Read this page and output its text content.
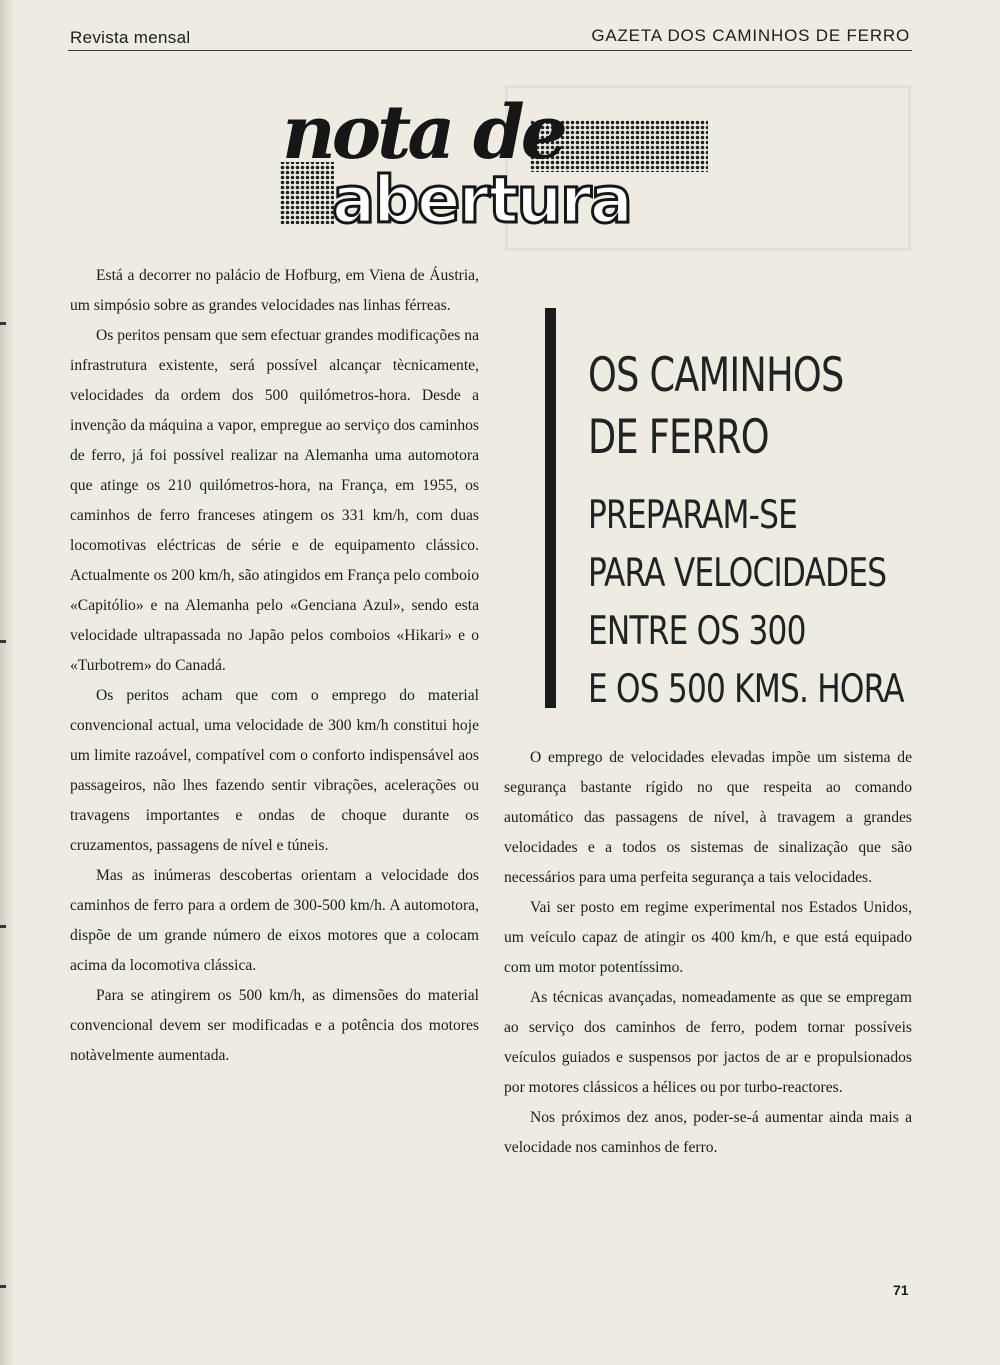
Revista mensal	GAZETA DOS CAMINHOS DE FERRO
nota de
abertura

Está a decorrer no palácio de Hofburg, em Viena de Áustria, um simpósio sobre as grandes velocidades nas linhas férreas.

Os peritos pensam que sem efectuar grandes modificações na infrastrutura existente, será possível alcançar tècnicamente, velocidades da ordem dos 500 quilómetros-hora. Desde a invenção da máquina a vapor, empregue ao serviço dos caminhos de ferro, já foi possível realizar na Alemanha uma automotora que atinge os 210 quilómetros-hora, na França, em 1955, os caminhos de ferro franceses atingem os 331 km/h, com duas locomotivas eléctricas de série e de equipamento clássico. Actualmente os 200 km/h, são atingidos em França pelo comboio «Capitólio» e na Alemanha pelo «Genciana Azul», sendo esta velocidade ultrapassada no Japão pelos comboios «Hikari» e o «Turbotrem» do Canadá.

Os peritos acham que com o emprego do material convencional actual, uma velocidade de 300 km/h constitui hoje um limite razoável, compatível com o conforto indispensável aos passageiros, não lhes fazendo sentir vibrações, acelerações ou travagens importantes e ondas de choque durante os cruzamentos, passagens de nível e túneis.

Mas as inúmeras descobertas orientam a velocidade dos caminhos de ferro para a ordem de 300-500 km/h. A automotora, dispõe de um grande número de eixos motores que a colocam acima da locomotiva clássica.

Para se atingirem os 500 km/h, as dimensões do material convencional devem ser modificadas e a potência dos motores notàvelmente aumentada.

OS CAMINHOS
DE FERRO
PREPARAM-SE
PARA VELOCIDADES
ENTRE OS 300
E OS 500 KMS. HORA

O emprego de velocidades elevadas impõe um sistema de segurança bastante rígido no que respeita ao comando automático das passagens de nível, à travagem a grandes velocidades e a todos os sistemas de sinalização que são necessários para uma perfeita segurança a tais velocidades.

Vai ser posto em regime experimental nos Estados Unidos, um veículo capaz de atingir os 400 km/h, e que está equipado com um motor potentíssimo.

As técnicas avançadas, nomeadamente as que se empregam ao serviço dos caminhos de ferro, podem tornar possíveis veículos guiados e suspensos por jactos de ar e propulsionados por motores clássicos a hélices ou por turbo-reactores.

Nos próximos dez anos, poder-se-á aumentar ainda mais a velocidade nos caminhos de ferro.

71
